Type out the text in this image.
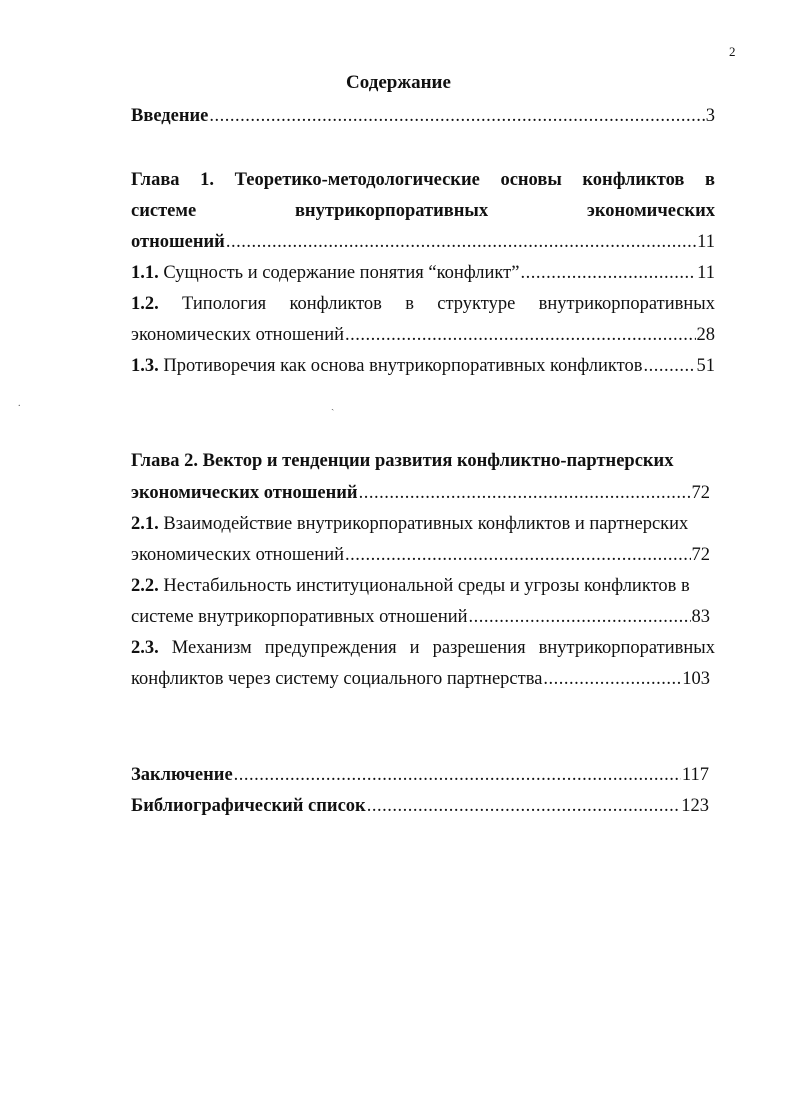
2
Содержание
Введение .....	3
Глава 1. Теоретико-методологические основы конфликтов в
системе	внутрикорпоративных	экономических
отношений .....	11
1.1. Сущность и содержание понятия “конфликт” .....	11
1.2. Типология конфликтов в структуре внутрикорпоративных
экономических отношений .....	28
1.3. Противоречия как основа внутрикорпоративных конфликтов .....	51
.	ˎ
Глава 2. Вектор и тенденции развития конфликтно-партнерских
экономических отношений .....	72
2.1. Взаимодействие внутрикорпоративных конфликтов и партнерских
экономических отношений .....	72
2.2. Нестабильность институциональной среды и угрозы конфликтов в
системе внутрикорпоративных отношений .....	83
2.3. Механизм предупреждения и разрешения внутрикорпоративных
конфликтов через систему социального партнерства .....	103
Заключение .....	117
Библиографический список .....	123
